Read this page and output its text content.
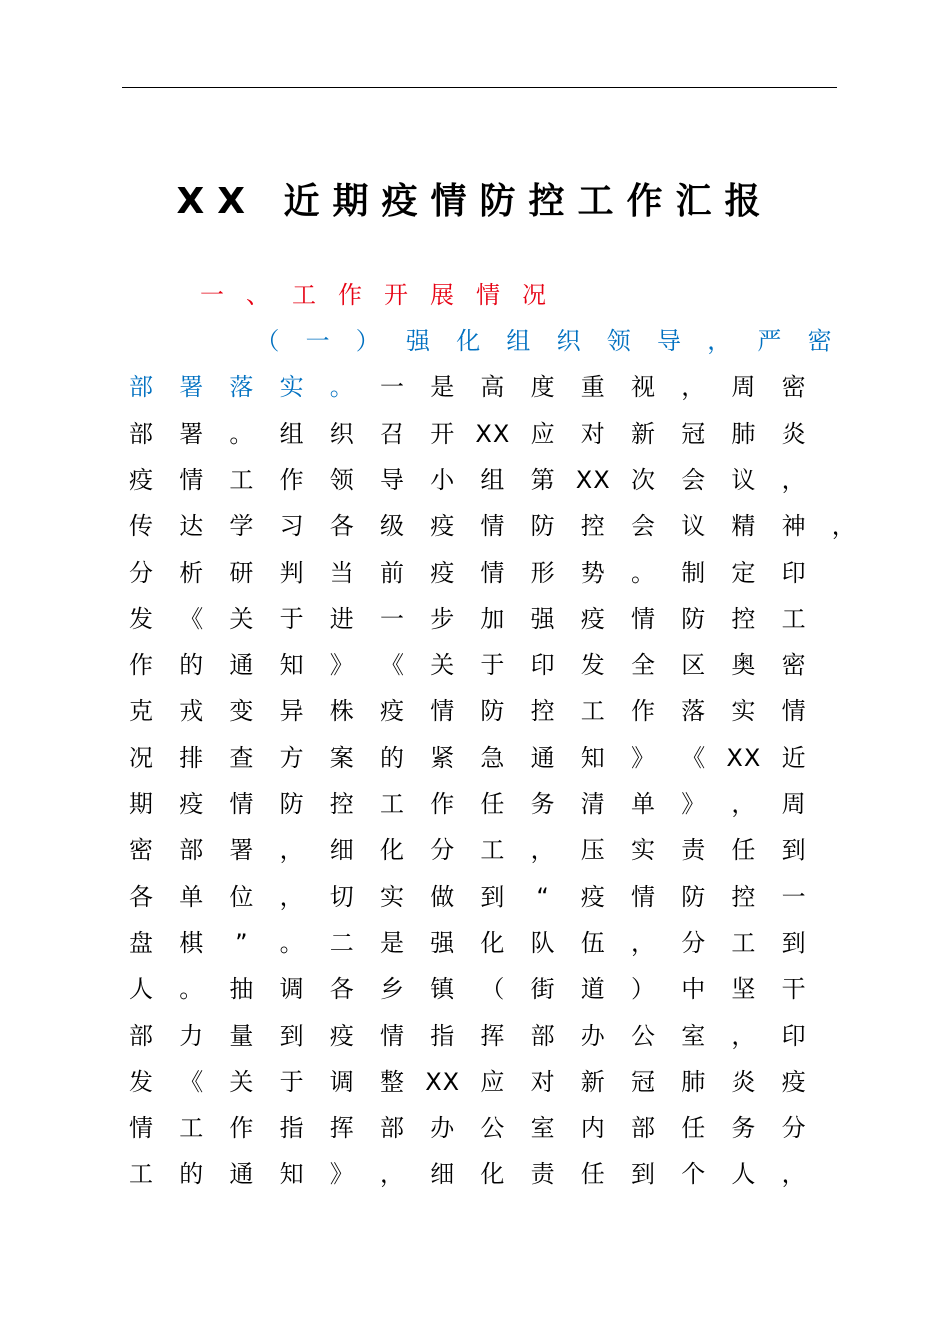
XX 近期疫情防控工作汇报
一、工作开展情况
（ 一 ） 强 化 组 织 领 导 ， 严 密
部 署 落 实 。 一 是 高 度 重 视 ， 周 密
部 署 。 组 织 召 开 XX 应 对 新 冠 肺 炎
疫 情 工 作 领 导 小 组 第 XX 次 会 议 ，
传 达 学 习 各 级 疫 情 防 控 会 议 精 神 ，
分 析 研 判 当 前 疫 情 形 势 。 制 定 印
发 《 关 于 进 一 步 加 强 疫 情 防 控 工
作 的 通 知 》 《 关 于 印 发 全 区 奥 密
克 戎 变 异 株 疫 情 防 控 工 作 落 实 情
况 排 查 方 案 的 紧 急 通 知 》 《 XX 近
期 疫 情 防 控 工 作 任 务 清 单 》 ， 周
密 部 署 ， 细 化 分 工 ， 压 实 责 任 到
各 单 位 ， 切 实 做 到	“	疫 情 防 控 一
盘 棋	”	。 二 是 强 化 队 伍 ， 分 工 到
人 。 抽 调 各 乡 镇 （ 街 道 ） 中 坚 干
部 力 量 到 疫 情 指 挥 部 办 公 室 ， 印
发 《 关 于 调 整 XX 应 对 新 冠 肺 炎 疫
情 工 作 指 挥 部 办 公 室 内 部 任 务 分
工 的 通 知 》 ， 细 化 责 任 到 个 人 ，
